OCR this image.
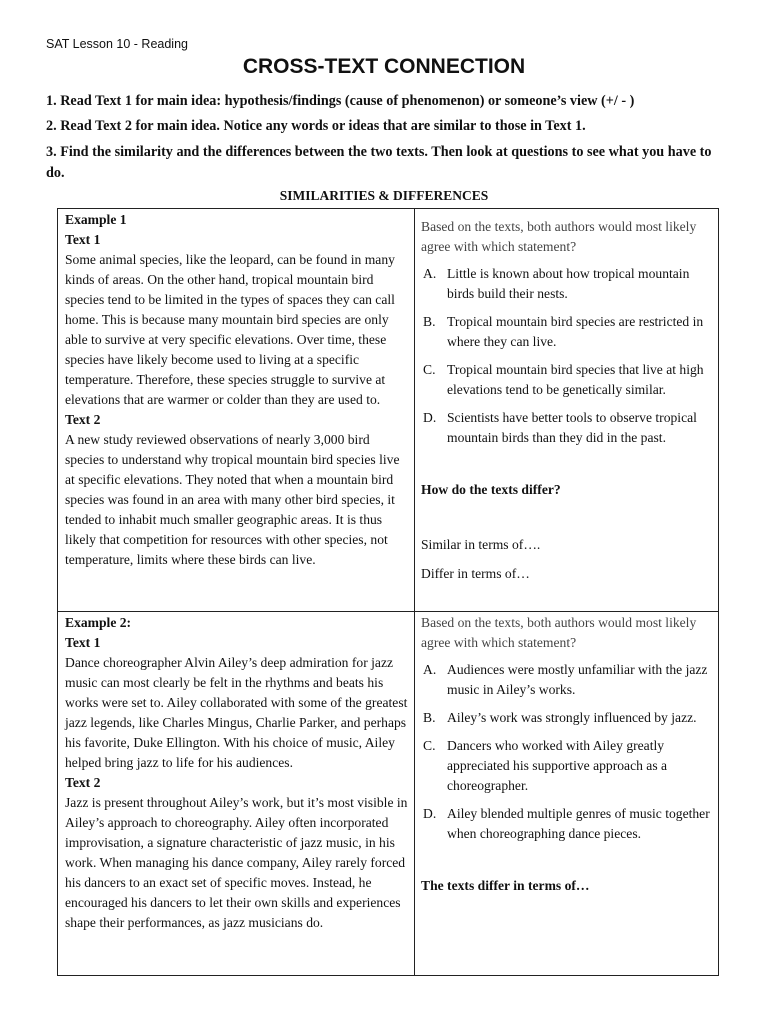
SAT Lesson 10 - Reading
CROSS-TEXT CONNECTION

1. Read Text 1 for main idea: hypothesis/findings (cause of phenomenon) or someone’s view (+/ - )

2. Read Text 2 for main idea. Notice any words or ideas that are similar to those in Text 1.

3. Find the similarity and the differences between the two texts. Then look at questions to see what you have to do.

SIMILARITIES & DIFFERENCES
Example 1
Text 1

Some animal species, like the leopard, can be found in many kinds of areas. On the other hand, tropical mountain bird species tend to be limited in the types of spaces they can call home. This is because many mountain bird species are only able to survive at very specific elevations. Over time, these species have likely become used to living at a specific temperature. Therefore, these species struggle to survive at elevations that are warmer or colder than they are used to.

Text 2

A new study reviewed observations of nearly 3,000 bird species to understand why tropical mountain bird species live at specific elevations. They noted that when a mountain bird species was found in an area with many other bird species, it tended to inhabit much smaller geographic areas. It is thus likely that competition for resources with other species, not temperature, limits where these birds can live.

Based on the texts, both authors would most likely agree with which statement?

A. Little is known about how tropical mountain birds build their nests.
B. Tropical mountain bird species are restricted in where they can live.
C. Tropical mountain bird species that live at high elevations tend to be genetically similar.
D. Scientists have better tools to observe tropical mountain birds than they did in the past.

How do the texts differ?

Similar in terms of….

Differ in terms of…

Example 2:
Text 1

Dance choreographer Alvin Ailey’s deep admiration for jazz music can most clearly be felt in the rhythms and beats his works were set to. Ailey collaborated with some of the greatest jazz legends, like Charles Mingus, Charlie Parker, and perhaps his favorite, Duke Ellington. With his choice of music, Ailey helped bring jazz to life for his audiences.

Text 2

Jazz is present throughout Ailey’s work, but it’s most visible in Ailey’s approach to choreography. Ailey often incorporated improvisation, a signature characteristic of jazz music, in his work. When managing his dance company, Ailey rarely forced his dancers to an exact set of specific moves. Instead, he encouraged his dancers to let their own skills and experiences shape their performances, as jazz musicians do.

Based on the texts, both authors would most likely agree with which statement?

A. Audiences were mostly unfamiliar with the jazz music in Ailey’s works.
B. Ailey’s work was strongly influenced by jazz.
C. Dancers who worked with Ailey greatly appreciated his supportive approach as a choreographer.
D. Ailey blended multiple genres of music together when choreographing dance pieces.

The texts differ in terms of…
